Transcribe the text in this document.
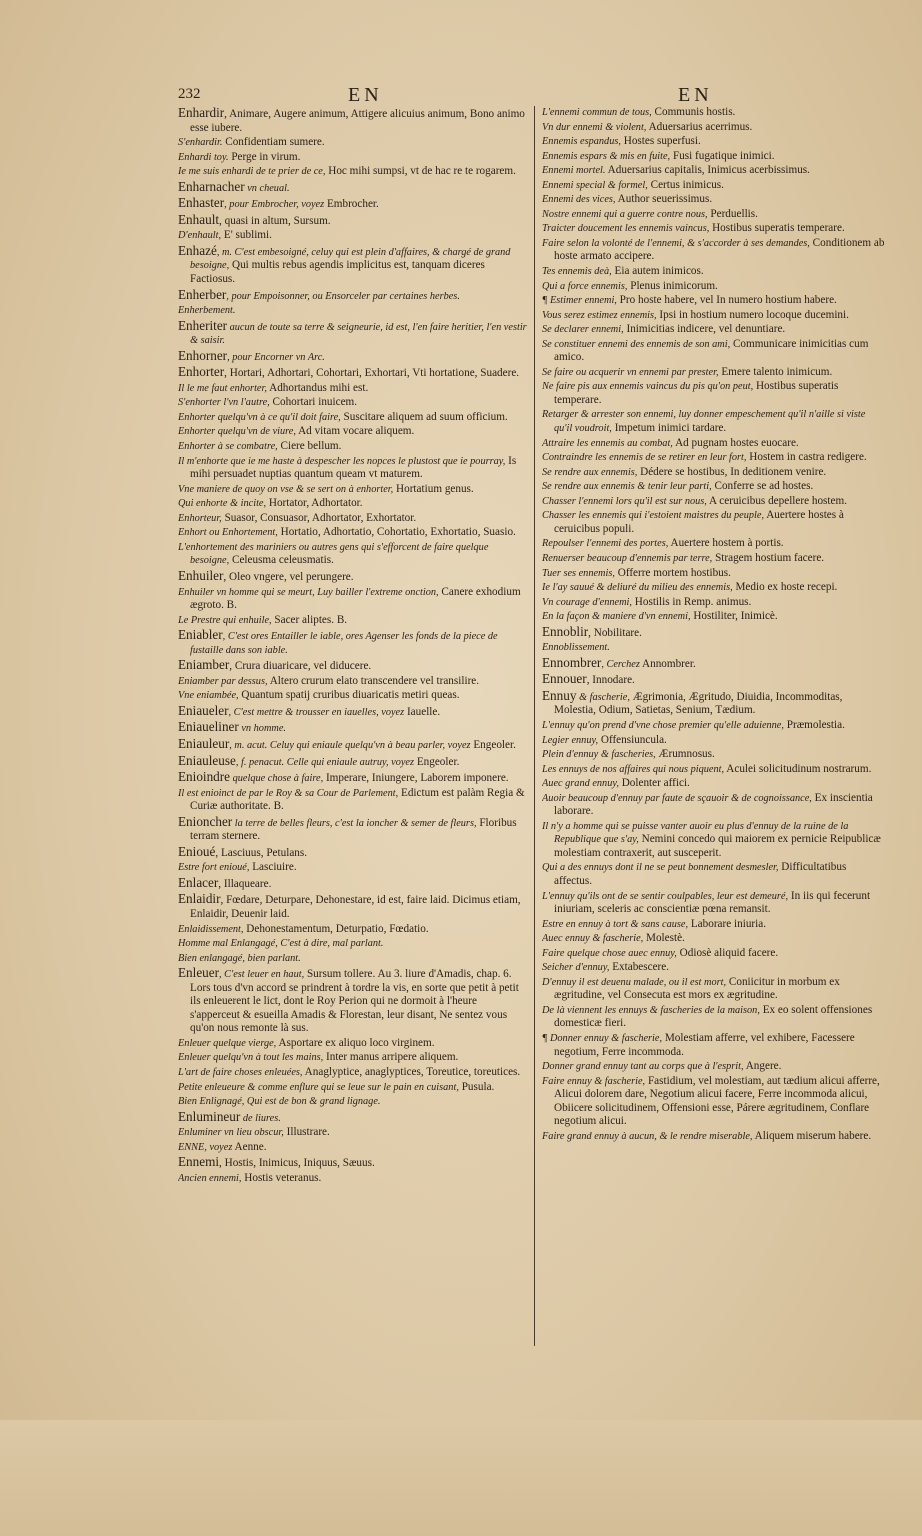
232	EN	EN
Enhardir, Animare, Augere animum, Attigere alicuius animum, Bono animo esse iubere.
S'enhardir. Confidentiam sumere.
Enhardi toy. Perge in virum.
Ie me suis enhardi de te prier de ce, Hoc mihi sumpsi, vt de hac re te rogarem.
Enharnacher vn cheual.
Enhaster, pour Embrocher, voyez Embrocher.
Enhault, quasi in altum, Sursum.
D'enhault, E' sublimi.
Enhazé, m. C'est embesoigné, celuy qui est plein d'affaires, & chargé de grand besoigne, Qui multis rebus agendis implicitus est, tanquam diceres Factiosus.
Enherber, pour Empoisonner, ou Ensorceler par certaines herbes.
Enherbement.
Enheriter aucun de toute sa terre & seigneurie, id est, l'en faire heritier, l'en vestir & saisir.
Enhorner, pour Encorner vn Arc.
Enhorter, Hortari, Adhortari, Cohortari, Exhortari, Vti hortatione, Suadere.
Il le me faut enhorter, Adhortandus mihi est.
S'enhorter l'vn l'autre, Cohortari inuicem.
Enhorter quelqu'vn à ce qu'il doit faire, Suscitare aliquem ad suum officium.
Enhorter quelqu'vn de viure, Ad vitam vocare aliquem.
Enhorter à se combatre, Ciere bellum.
Il m'enhorte que ie me haste à despescher les nopces le plustost que ie pourray, Is mihi persuadet nuptias quantum queam vt maturem.
Vne maniere de quoy on vse & se sert on à enhorter, Hortatium genus.
Qui enhorte & incite, Hortator, Adhortator.
Enhorteur, Suasor, Consuasor, Adhortator, Exhortator.
Enhort ou Enhortement, Hortatio, Adhortatio, Cohortatio, Exhortatio, Suasio.
L'enhortement des mariniers ou autres gens qui s'efforcent de faire quelque besoigne, Celeusma celeusmatis.
Enhuiler, Oleo vngere, vel perungere.
Enhuiler vn homme qui se meurt, Luy bailler l'extreme onction, Canere exhodium ægroto. B.
Le Prestre qui enhuile, Sacer aliptes. B.
Eniabler, C'est ores Entailler le iable, ores Agenser les fonds de la piece de fustaille dans son iable.
Eniamber, Crura diuaricare, vel diducere.
Eniamber par dessus, Altero crurum elato transcendere vel transilire.
Vne eniambée, Quantum spatij cruribus diuaricatis metiri queas.
Eniaueler, C'est mettre & trousser en iauelles, voyez Iauelle.
Eniaueliner vn homme.
Eniauleur, m. acut. Celuy qui eniaule quelqu'vn à beau parler, voyez Engeoler.
Eniauleuse, f. penacut. Celle qui eniaule autruy, voyez Engeoler.
Enioindre quelque chose à faire, Imperare, Iniungere, Laborem imponere.
Il est enioinct de par le Roy & sa Cour de Parlement, Edictum est palàm Regia & Curiæ authoritate. B.
Enioncher la terre de belles fleurs, c'est la ioncher & semer de fleurs, Floribus terram sternere.
Enioué, Lasciuus, Petulans.
Estre fort enioué, Lasciuire.
Enlacer, Illaqueare.
Enlaidir, Fœdare, Deturpare, Dehonestare, id est, faire laid. Dicimus etiam, Enlaidir, Deuenir laid.
Enlaidissement, Dehonestamentum, Deturpatio, Fœdatio.
Homme mal Enlangagé, C'est à dire, mal parlant.
Bien enlangagé, bien parlant.
Enleuer, C'est leuer en haut, Sursum tollere. Au 3. liure d'Amadis, chap. 6. Lors tous d'vn accord se prindrent à tordre la vis, en sorte que petit à petit ils enleuerent le lict, dont le Roy Perion qui ne dormoit à l'heure s'apperceut & esueilla Amadis & Florestan, leur disant, Ne sentez vous qu'on nous remonte là sus.
Enleuer quelque vierge, Asportare ex aliquo loco virginem.
Enleuer quelqu'vn à tout les mains, Inter manus arripere aliquem.
L'art de faire choses enleuées, Anaglyptice, anaglyptices, Toreutice, toreutices.
Petite enleueure & comme enflure qui se leue sur le pain en cuisant, Pusula.
Bien Enlignagé, Qui est de bon & grand lignage.
Enlumineur de liures.
Enluminer vn lieu obscur, Illustrare.
ENNE, voyez Aenne.
Ennemi, Hostis, Inimicus, Iniquus, Sæuus.
Ancien ennemi, Hostis veteranus.
L'ennemi commun de tous, Communis hostis.
Vn dur ennemi & violent, Aduersarius acerrimus.
Ennemis espandus, Hostes superfusi.
Ennemis espars & mis en fuite, Fusi fugatique inimici.
Ennemi mortel. Aduersarius capitalis, Inimicus acerbissimus.
Ennemi special & formel, Certus inimicus.
Ennemi des vices, Author seuerissimus.
Nostre ennemi qui a guerre contre nous, Perduellis.
Traicter doucement les ennemis vaincus, Hostibus superatis temperare.
Faire selon la volonté de l'ennemi, & s'accorder à ses demandes, Conditionem ab hoste armato accipere.
Tes ennemis deà, Eia autem inimicos.
Qui a force ennemis, Plenus inimicorum.
¶ Estimer ennemi, Pro hoste habere, vel In numero hostium habere.
Vous serez estimez ennemis, Ipsi in hostium numero locoque ducemini.
Se declarer ennemi, Inimicitias indicere, vel denuntiare.
Se constituer ennemi des ennemis de son ami, Communicare inimicitias cum amico.
Se faire ou acquerir vn ennemi par prester, Emere talento inimicum.
Ne faire pis aux ennemis vaincus du pis qu'on peut, Hostibus superatis temperare.
Retarger & arrester son ennemi, luy donner empeschement qu'il n'aille si viste qu'il voudroit, Impetum inimici tardare.
Attraire les ennemis au combat, Ad pugnam hostes euocare.
Contraindre les ennemis de se retirer en leur fort, Hostem in castra redigere.
Se rendre aux ennemis, Dédere se hostibus, In deditionem venire.
Se rendre aux ennemis & tenir leur parti, Conferre se ad hostes.
Chasser l'ennemi lors qu'il est sur nous, A ceruicibus depellere hostem.
Chasser les ennemis qui i'estoient maistres du peuple, Auertere hostes à ceruicibus populi.
Repoulser l'ennemi des portes, Auertere hostem à portis.
Renuerser beaucoup d'ennemis par terre, Stragem hostium facere.
Tuer ses ennemis, Offerre mortem hostibus.
Ie l'ay sauué & deliuré du milieu des ennemis, Medio ex hoste recepi.
Vn courage d'ennemi, Hostilis in Remp. animus.
En la façon & maniere d'vn ennemi, Hostiliter, Inimicè.
Ennoblir, Nobilitare.
Ennoblissement.
Ennombrer, Cerchez Annombrer.
Ennouer, Innodare.
Ennuy & fascherie, Ægrimonia, Ægritudo, Diuidia, Incommoditas, Molestia, Odium, Satietas, Senium, Tædium.
L'ennuy qu'on prend d'vne chose premier qu'elle aduienne, Præmolestia.
Legier ennuy, Offensiuncula.
Plein d'ennuy & fascheries, Ærumnosus.
Les ennuys de nos affaires qui nous piquent, Aculei solicitudinum nostrarum.
Auec grand ennuy, Dolenter affici.
Auoir beaucoup d'ennuy par faute de sçauoir & de cognoissance, Ex inscientia laborare.
Il n'y a homme qui se puisse vanter auoir eu plus d'ennuy de la ruine de la Republique que s'ay, Nemini concedo qui maiorem ex pernicie Reipublicæ molestiam contraxerit, aut susceperit.
Qui a des ennuys dont il ne se peut bonnement desmesler, Difficultatibus affectus.
L'ennuy qu'ils ont de se sentir coulpables, leur est demeuré, In iis qui fecerunt iniuriam, sceleris ac conscientiæ pœna remansit.
Estre en ennuy à tort & sans cause, Laborare iniuria.
Auec ennuy & fascherie, Molestè.
Faire quelque chose auec ennuy, Odiosè aliquid facere.
Seicher d'ennuy, Extabescere.
D'ennuy il est deuenu malade, ou il est mort, Coniicitur in morbum ex ægritudine, vel Consecuta est mors ex ægritudine.
De là viennent les ennuys & fascheries de la maison, Ex eo solent offensiones domesticæ fieri.
¶ Donner ennuy & fascherie, Molestiam afferre, vel exhibere, Facessere negotium, Ferre incommoda.
Donner grand ennuy tant au corps que à l'esprit, Angere.
Faire ennuy & fascherie, Fastidium, vel molestiam, aut tædium alicui afferre, Alicui dolorem dare, Negotium alicui facere, Ferre incommoda alicui, Obiicere solicitudinem, Offensioni esse, Párere ægritudinem, Conflare negotium alicui.
Faire grand ennuy à aucun, & le rendre miserable, Aliquem miserum habere.
